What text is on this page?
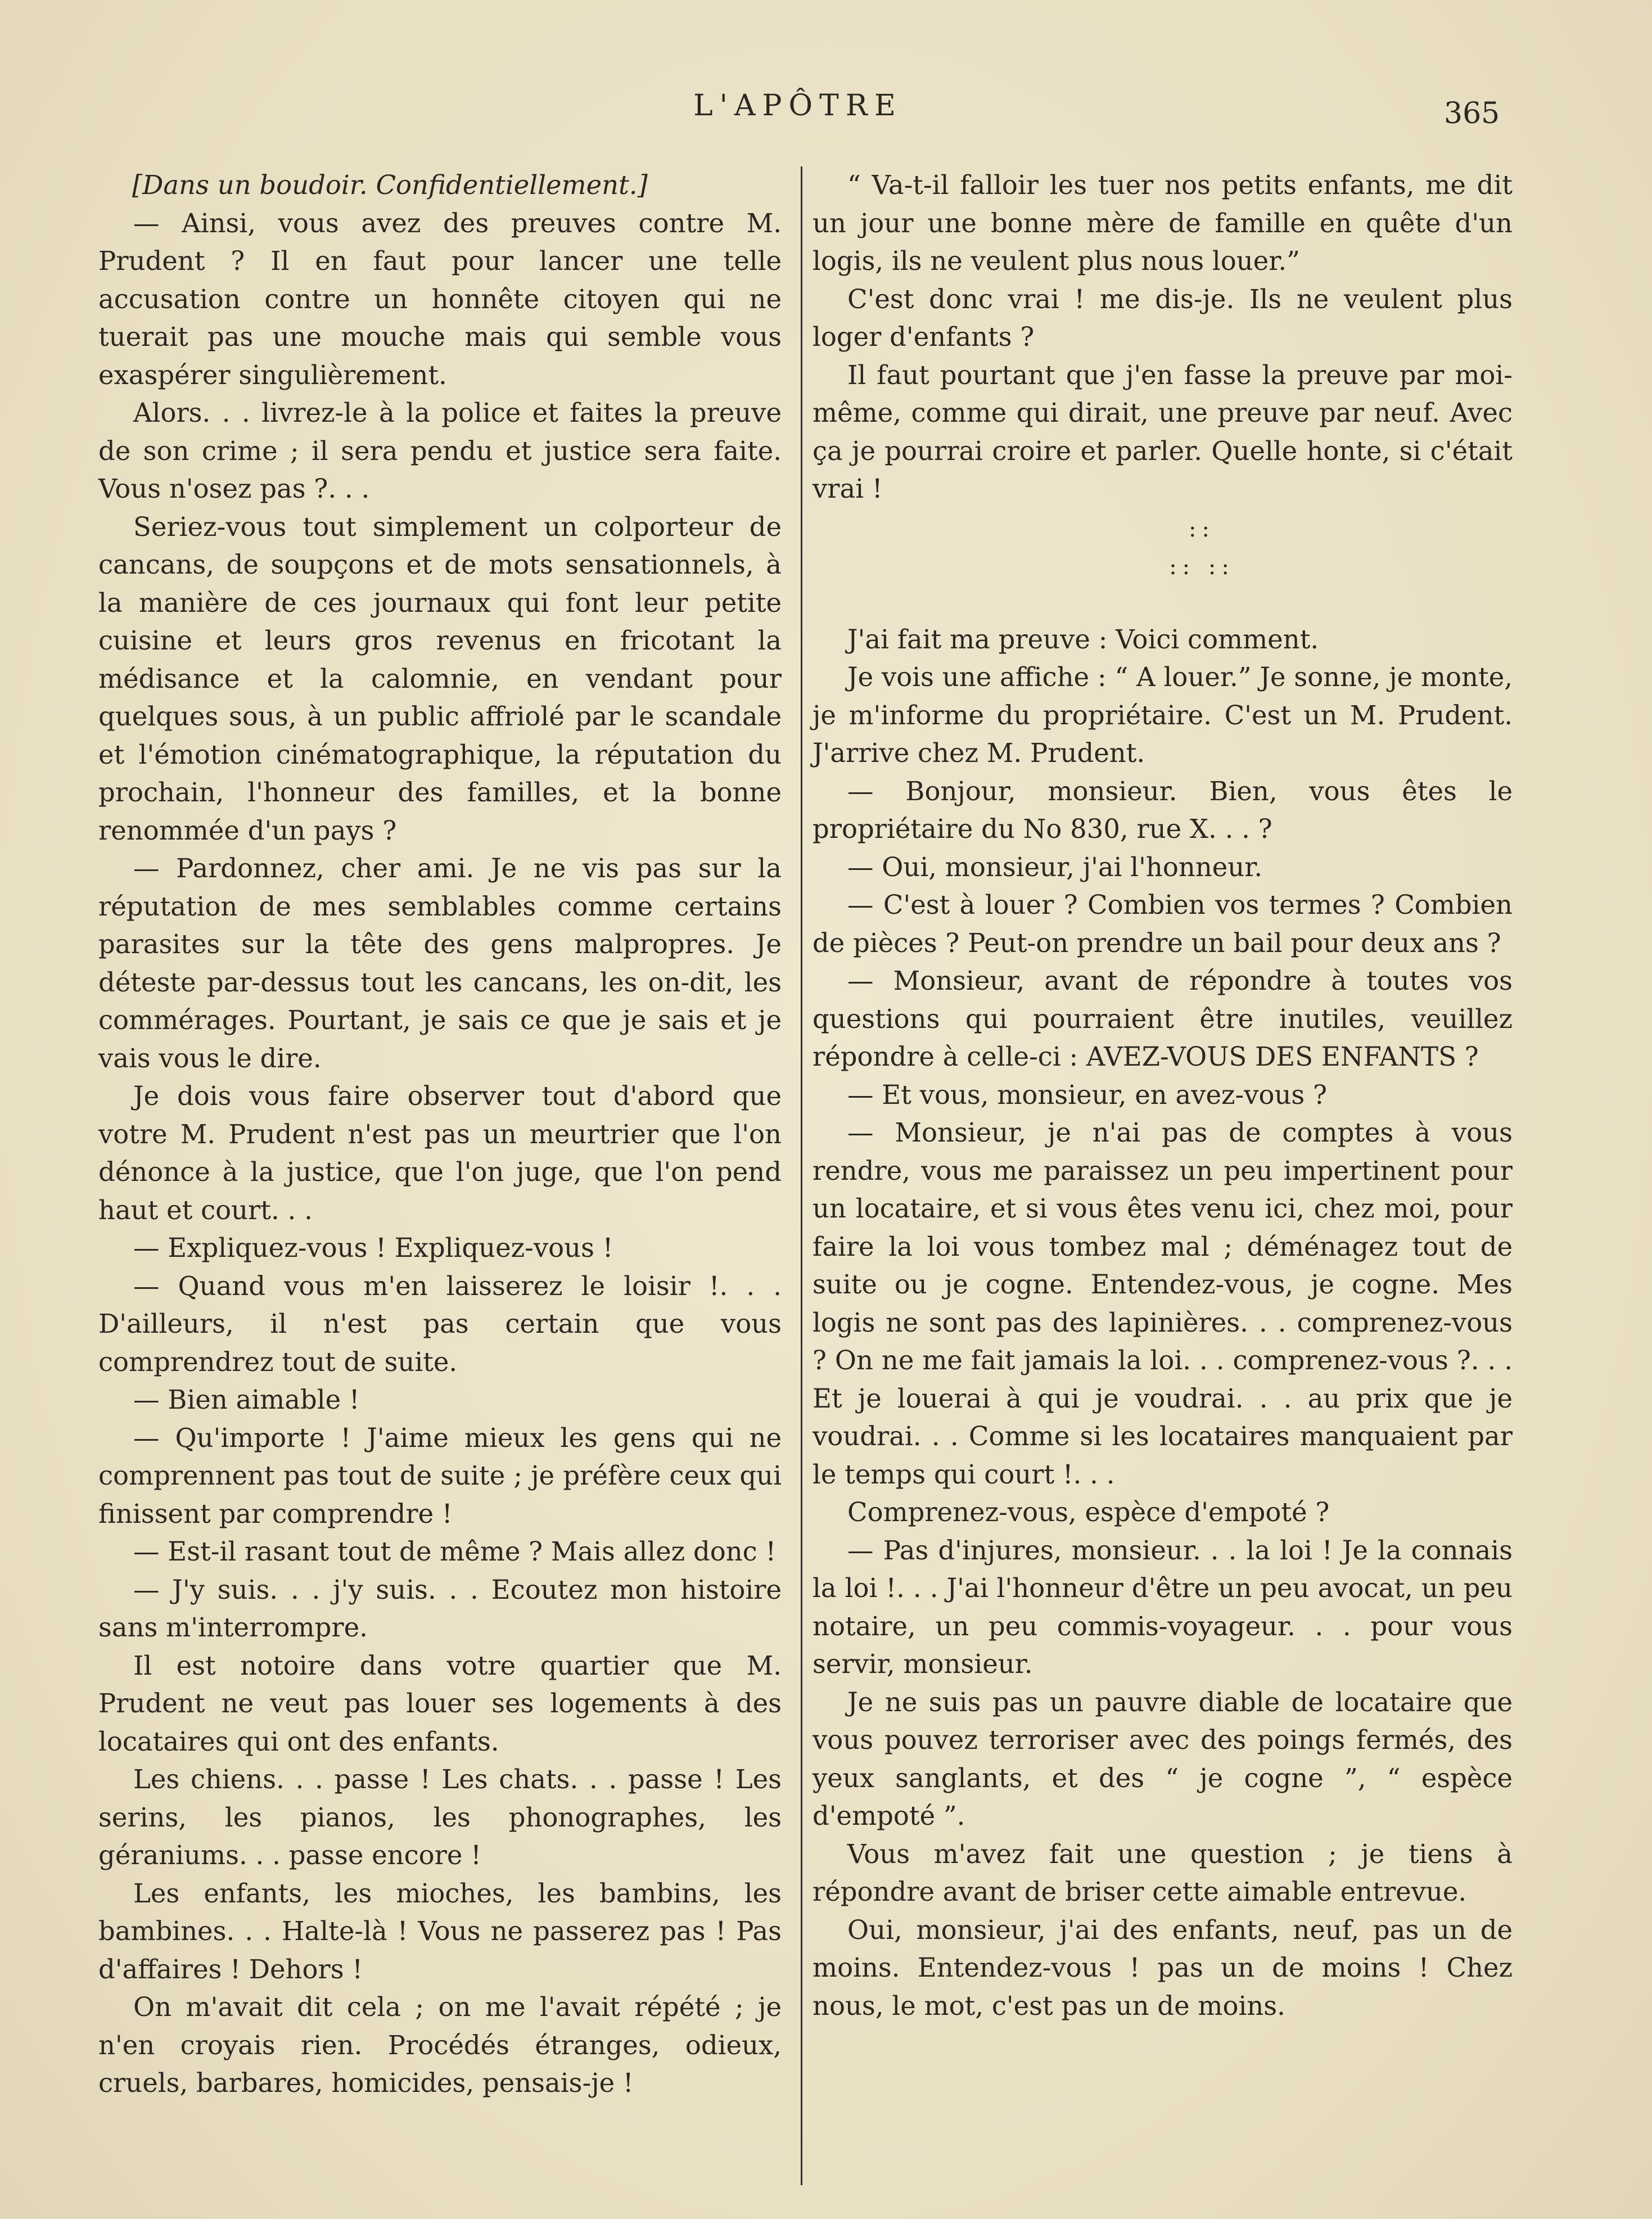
L'APÔTRE	365

[Dans un boudoir. Confidentiellement.]

— Ainsi, vous avez des preuves contre M. Prudent ? Il en faut pour lancer une telle accusation contre un honnête citoyen qui ne tuerait pas une mouche mais qui semble vous exaspérer singulièrement.

Alors. . . livrez-le à la police et faites la preuve de son crime ; il sera pendu et justice sera faite. Vous n'osez pas ?. . .

Seriez-vous tout simplement un colporteur de cancans, de soupçons et de mots sensationnels, à la manière de ces journaux qui font leur petite cuisine et leurs gros revenus en fricotant la médisance et la calomnie, en vendant pour quelques sous, à un public affriolé par le scandale et l'émotion cinématographique, la réputation du prochain, l'honneur des familles, et la bonne renommée d'un pays ?

— Pardonnez, cher ami. Je ne vis pas sur la réputation de mes semblables comme certains parasites sur la tête des gens malpropres. Je déteste par-dessus tout les cancans, les on-dit, les commérages. Pourtant, je sais ce que je sais et je vais vous le dire.

Je dois vous faire observer tout d'abord que votre M. Prudent n'est pas un meurtrier que l'on dénonce à la justice, que l'on juge, que l'on pend haut et court. . .

— Expliquez-vous ! Expliquez-vous !

— Quand vous m'en laisserez le loisir !. . . D'ailleurs, il n'est pas certain que vous comprendrez tout de suite.

— Bien aimable !

— Qu'importe ! J'aime mieux les gens qui ne comprennent pas tout de suite ; je préfère ceux qui finissent par comprendre !

— Est-il rasant tout de même ? Mais allez donc !

— J'y suis. . . j'y suis. . . Ecoutez mon histoire sans m'interrompre.

Il est notoire dans votre quartier que M. Prudent ne veut pas louer ses logements à des locataires qui ont des enfants.

Les chiens. . . passe ! Les chats. . . passe ! Les serins, les pianos, les phonographes, les géraniums. . . passe encore !

Les enfants, les mioches, les bambins, les bambines. . . Halte-là ! Vous ne passerez pas ! Pas d'affaires ! Dehors !

On m'avait dit cela ; on me l'avait répété ; je n'en croyais rien. Procédés étranges, odieux, cruels, barbares, homicides, pensais-je !

“ Va-t-il falloir les tuer nos petits enfants, me dit un jour une bonne mère de famille en quête d'un logis, ils ne veulent plus nous louer.”

C'est donc vrai ! me dis-je. Ils ne veulent plus loger d'enfants ?

Il faut pourtant que j'en fasse la preuve par moi-même, comme qui dirait, une preuve par neuf. Avec ça je pourrai croire et parler. Quelle honte, si c'était vrai !

::

:: ::

J'ai fait ma preuve : Voici comment.

Je vois une affiche : “ A louer.” Je sonne, je monte, je m'informe du propriétaire. C'est un M. Prudent. J'arrive chez M. Prudent.

— Bonjour, monsieur. Bien, vous êtes le propriétaire du No 830, rue X. . . ?

— Oui, monsieur, j'ai l'honneur.

— C'est à louer ? Combien vos termes ? Combien de pièces ? Peut-on prendre un bail pour deux ans ?

— Monsieur, avant de répondre à toutes vos questions qui pourraient être inutiles, veuillez répondre à celle-ci : AVEZ-VOUS DES ENFANTS ?

— Et vous, monsieur, en avez-vous ?

— Monsieur, je n'ai pas de comptes à vous rendre, vous me paraissez un peu impertinent pour un locataire, et si vous êtes venu ici, chez moi, pour faire la loi vous tombez mal ; déménagez tout de suite ou je cogne. Entendez-vous, je cogne. Mes logis ne sont pas des lapinières. . . comprenez-vous ? On ne me fait jamais la loi. . . comprenez-vous ?. . . Et je louerai à qui je voudrai. . . au prix que je voudrai. . . Comme si les locataires manquaient par le temps qui court !. . .

Comprenez-vous, espèce d'empoté ?

— Pas d'injures, monsieur. . . la loi ! Je la connais la loi !. . . J'ai l'honneur d'être un peu avocat, un peu notaire, un peu commis-voyageur. . . pour vous servir, monsieur.

Je ne suis pas un pauvre diable de locataire que vous pouvez terroriser avec des poings fermés, des yeux sanglants, et des “ je cogne ”, “ espèce d'empoté ”.

Vous m'avez fait une question ; je tiens à répondre avant de briser cette aimable entrevue.

Oui, monsieur, j'ai des enfants, neuf, pas un de moins. Entendez-vous ! pas un de moins ! Chez nous, le mot, c'est pas un de moins.
